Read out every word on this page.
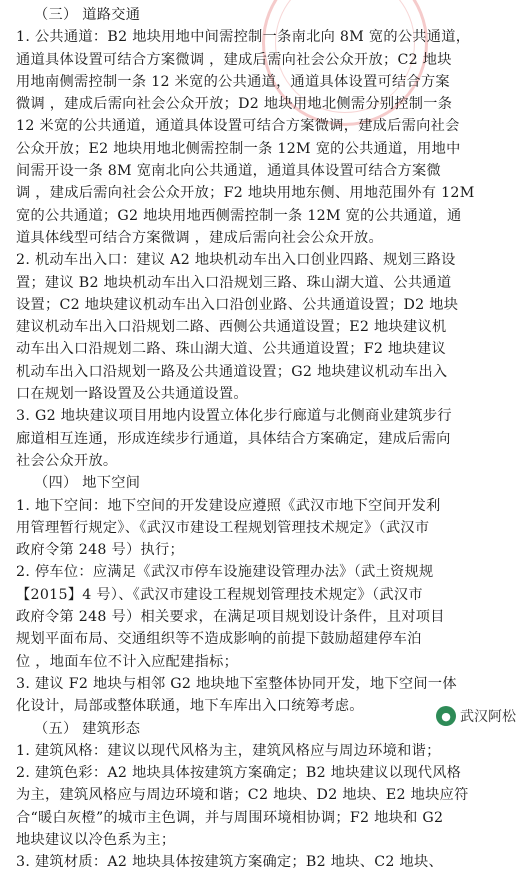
（三） 道路交通
1. 公共通道：B2 地块用地中间需控制一条南北向 8M 宽的公共通道，
通道具体设置可结合方案微调 ，建成后需向社会公众开放；C2 地块
用地南侧需控制一条 12 米宽的公共通道，通道具体设置可结合方案
微调 ，建成后需向社会公众开放；D2 地块用地北侧需分别控制一条
12 米宽的公共通道，通道具体设置可结合方案微调，建成后需向社会
公众开放；E2 地块用地北侧需控制一条 12M 宽的公共通道，用地中
间需开设一条 8M 宽南北向公共通道，通道具体设置可结合方案微
调 ，建成后需向社会公众开放；F2 地块用地东侧、用地范围外有 12M
宽的公共通道；G2 地块用地西侧需控制一条 12M 宽的公共通道，通
道具体线型可结合方案微调 ，建成后需向社会公众开放。
2. 机动车出入口：建议 A2 地块机动车出入口创业四路、规划三路设
置；建议 B2 地块机动车出入口沿规划三路、珠山湖大道、公共通道
设置；C2 地块建议机动车出入口沿创业路、公共通道设置；D2 地块
建议机动车出入口沿规划二路、西侧公共通道设置；E2 地块建议机
动车出入口沿规划二路、珠山湖大道、公共通道设置；F2 地块建议
机动车出入口沿规划一路及公共通道设置；G2 地块建议机动车出入
口在规划一路设置及公共通道设置。
3. G2 地块建议项目用地内设置立体化步行廊道与北侧商业建筑步行
廊道相互连通，形成连续步行通道，具体结合方案确定，建成后需向
社会公众开放。
（四） 地下空间
1. 地下空间：地下空间的开发建设应遵照《武汉市地下空间开发利
用管理暂行规定》、《武汉市建设工程规划管理技术规定》（武汉市
政府令第 248 号）执行；
2. 停车位：应满足《武汉市停车设施建设管理办法》（武土资规规
【2015】4 号）、《武汉市建设工程规划管理技术规定》（武汉市
政府令第 248 号）相关要求，在满足项目规划设计条件，且对项目
规划平面布局、交通组织等不造成影响的前提下鼓励超建停车泊
位 ，地面车位不计入应配建指标；
3. 建议 F2 地块与相邻 G2 地块地下室整体协同开发，地下空间一体
化设计，局部或整体联通，地下车库出入口统筹考虑。
（五） 建筑形态
1. 建筑风格：建议以现代风格为主，建筑风格应与周边环境和谐；
2. 建筑色彩：A2 地块具体按建筑方案确定；B2 地块建议以现代风格
为主，建筑风格应与周边环境和谐；C2 地块、D2 地块、E2 地块应符
合“暖白灰橙”的城市主色调，并与周围环境相协调；F2 地块和 G2
地块建议以冷色系为主；
3. 建筑材质：A2 地块具体按建筑方案确定；B2 地块、C2 地块、
● 武汉阿松
